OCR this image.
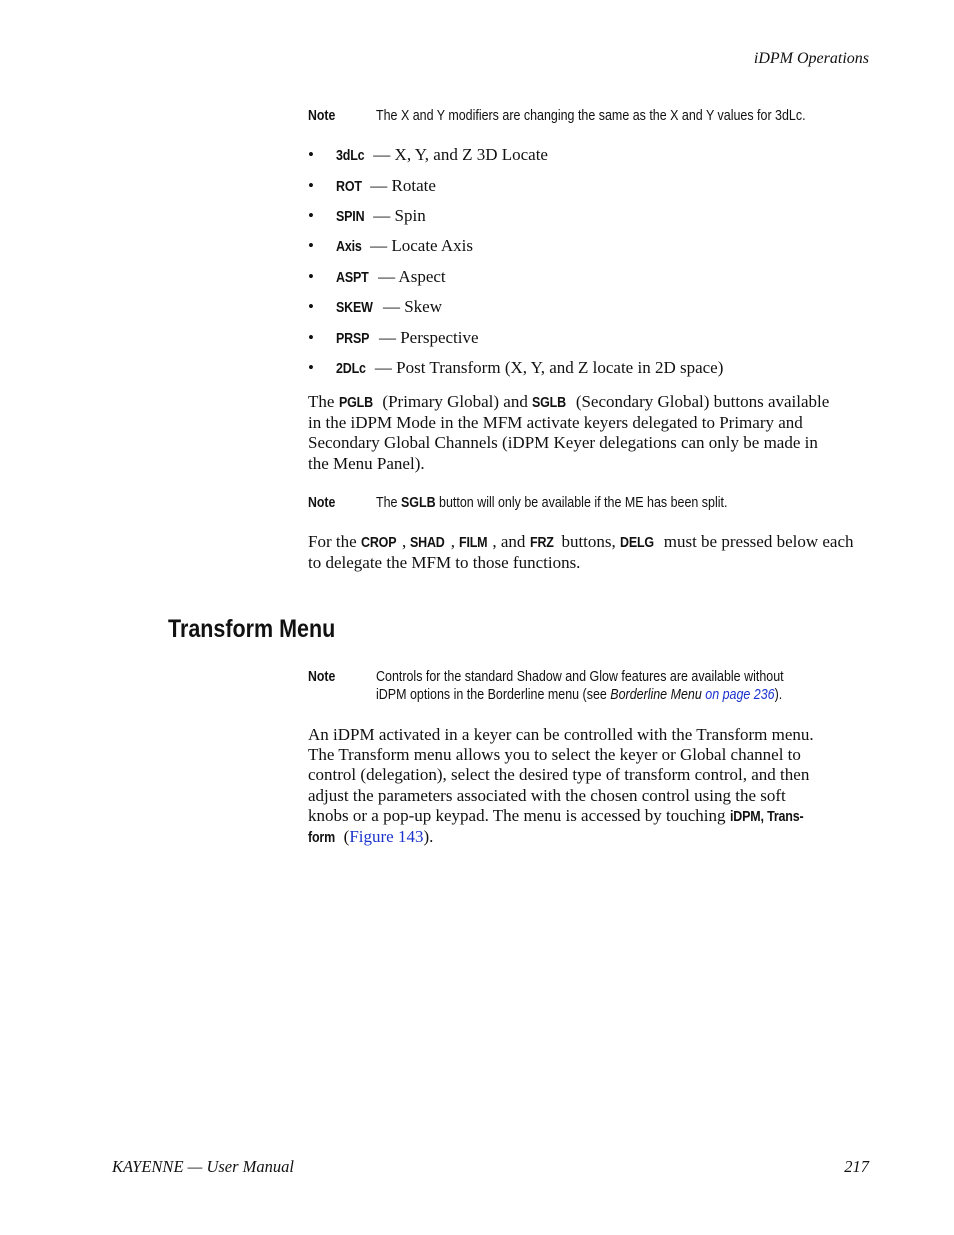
iDPM Operations
Note	The X and Y modifiers are changing the same as the X and Y values for 3dLc.
• 3dLc — X, Y, and Z 3D Locate
• ROT — Rotate
• SPIN — Spin
• Axis — Locate Axis
• ASPT — Aspect
• SKEW — Skew
• PRSP — Perspective
• 2DLc — Post Transform (X, Y, and Z locate in 2D space)
The PGLB (Primary Global) and SGLB (Secondary Global) buttons available
in the iDPM Mode in the MFM activate keyers delegated to Primary and
Secondary Global Channels (iDPM Keyer delegations can only be made in
the Menu Panel).
Note	The SGLB button will only be available if the ME has been split.
For the CROP , SHAD , FILM , and FRZ buttons, DELG must be pressed below each
to delegate the MFM to those functions.
Transform Menu
Note	Controls for the standard Shadow and Glow features are available without
iDPM options in the Borderline menu (see Borderline Menu on page 236).
An iDPM activated in a keyer can be controlled with the Transform menu.
The Transform menu allows you to select the keyer or Global channel to
control (delegation), select the desired type of transform control, and then
adjust the parameters associated with the chosen control using the soft
knobs or a pop-up keypad. The menu is accessed by touching iDPM, Trans-
form (Figure 143).
KAYENNE — User Manual	217
